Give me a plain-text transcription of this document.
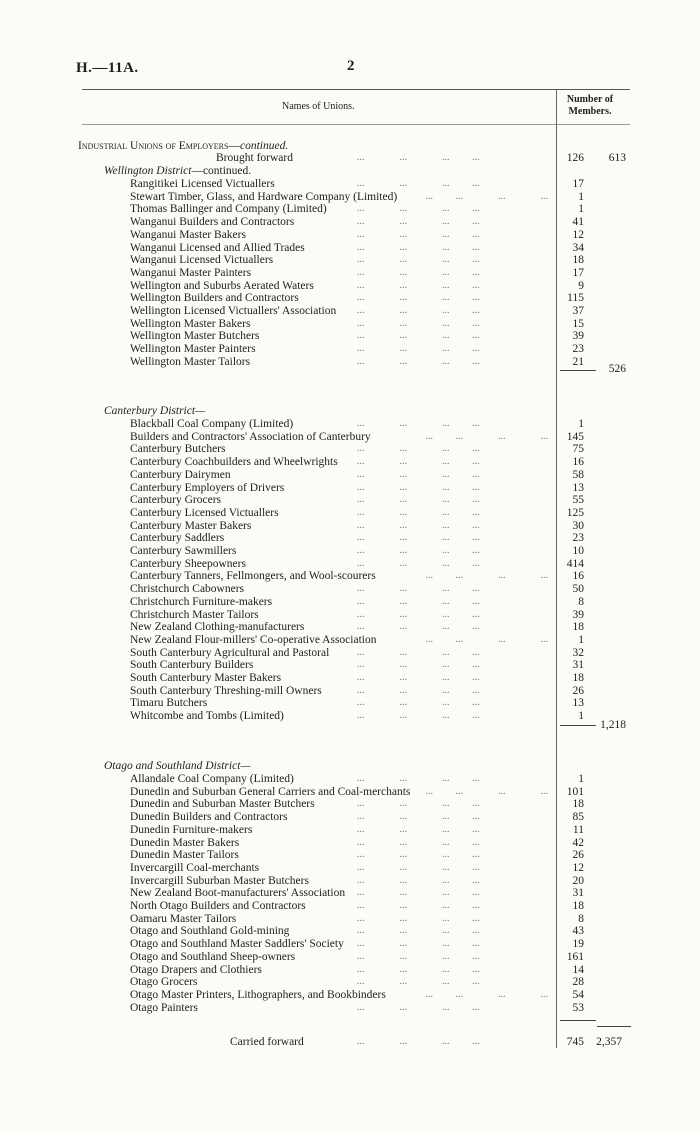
H.—11A.	2
Names of Unions.
Number of
Members.
Industrial Unions of Employers—continued.
Brought forward	...              ...              ...         ...	126	613
Wellington District—continued.
Rangitikei Licensed Victuallers	...              ...              ...         ...	17
Stewart Timber, Glass, and Hardware Company (Limited)	...              ...              ...         ...	1
Thomas Ballinger and Company (Limited)	...              ...              ...         ...	1
Wanganui Builders and Contractors	...              ...              ...         ...	41
Wanganui Master Bakers	...              ...              ...         ...	12
Wanganui Licensed and Allied Trades	...              ...              ...         ...	34
Wanganui Licensed Victuallers	...              ...              ...         ...	18
Wanganui Master Painters	...              ...              ...         ...	17
Wellington and Suburbs Aerated Waters	...              ...              ...         ...	9
Wellington Builders and Contractors	...              ...              ...         ...	115
Wellington Licensed Victuallers' Association ...              ...              ...         ...	37
Wellington Master Bakers	...              ...              ...         ...	15
Wellington Master Butchers	...              ...              ...         ...	39
Wellington Master Painters	...              ...              ...         ...	23
Wellington Master Tailors	...              ...              ...         ...	21
526
Canterbury District—
Blackball Coal Company (Limited)	...              ...              ...         ...	1
Builders and Contractors' Association of Canterbury	...              ...              ...         ...	145
Canterbury Butchers	...              ...              ...         ...	75
Canterbury Coachbuilders and Wheelwrights ...              ...              ...         ...	16
Canterbury Dairymen	...              ...              ...         ...	58
Canterbury Employers of Drivers	...              ...              ...         ...	13
Canterbury Grocers	...              ...              ...         ...	55
Canterbury Licensed Victuallers	...              ...              ...         ...	125
Canterbury Master Bakers	...              ...              ...         ...	30
Canterbury Saddlers	...              ...              ...         ...	23
Canterbury Sawmillers	...              ...              ...         ...	10
Canterbury Sheepowners	...              ...              ...         ...	414
Canterbury Tanners, Fellmongers, and Wool-scourers	...              ...              ...         ...	16
Christchurch Cabowners	...              ...              ...         ...	50
Christchurch Furniture-makers	...              ...              ...         ...	8
Christchurch Master Tailors	...              ...              ...         ...	39
New Zealand Clothing-manufacturers	...              ...              ...         ...	18
New Zealand Flour-millers' Co-operative Association	...              ...              ...         ...	1
South Canterbury Agricultural and Pastoral	...              ...              ...         ...	32
South Canterbury Builders	...              ...              ...         ...	31
South Canterbury Master Bakers	...              ...              ...         ...	18
South Canterbury Threshing-mill Owners	...              ...              ...         ...	26
Timaru Butchers	...              ...              ...         ...	13
Whitcombe and Tombs (Limited)	...              ...              ...         ...	1
1,218
Otago and Southland District—
Allandale Coal Company (Limited)	...              ...              ...         ...	1
Dunedin and Suburban General Carriers and Coal-merchants	...              ...              ...         ...	101
Dunedin and Suburban Master Butchers	...              ...              ...         ...	18
Dunedin Builders and Contractors	...              ...              ...         ...	85
Dunedin Furniture-makers	...              ...              ...         ...	11
Dunedin Master Bakers	...              ...              ...         ...	42
Dunedin Master Tailors	...              ...              ...         ...	26
Invercargill Coal-merchants	...              ...              ...         ...	12
Invercargill Suburban Master Butchers	...              ...              ...         ...	20
New Zealand Boot-manufacturers' Association ...              ...              ...         ...	31
North Otago Builders and Contractors	...              ...              ...         ...	18
Oamaru Master Tailors	...              ...              ...         ...	8
Otago and Southland Gold-mining	...              ...              ...         ...	43
Otago and Southland Master Saddlers' Society ...              ...              ...         ...	19
Otago and Southland Sheep-owners	...              ...              ...         ...	161
Otago Drapers and Clothiers	...              ...              ...         ...	14
Otago Grocers	...              ...              ...         ...	28
Otago Master Printers, Lithographers, and Bookbinders	...              ...              ...         ...	54
Otago Painters	...              ...              ...         ...	53
Carried forward	...              ...              ...         ...	745	2,357
